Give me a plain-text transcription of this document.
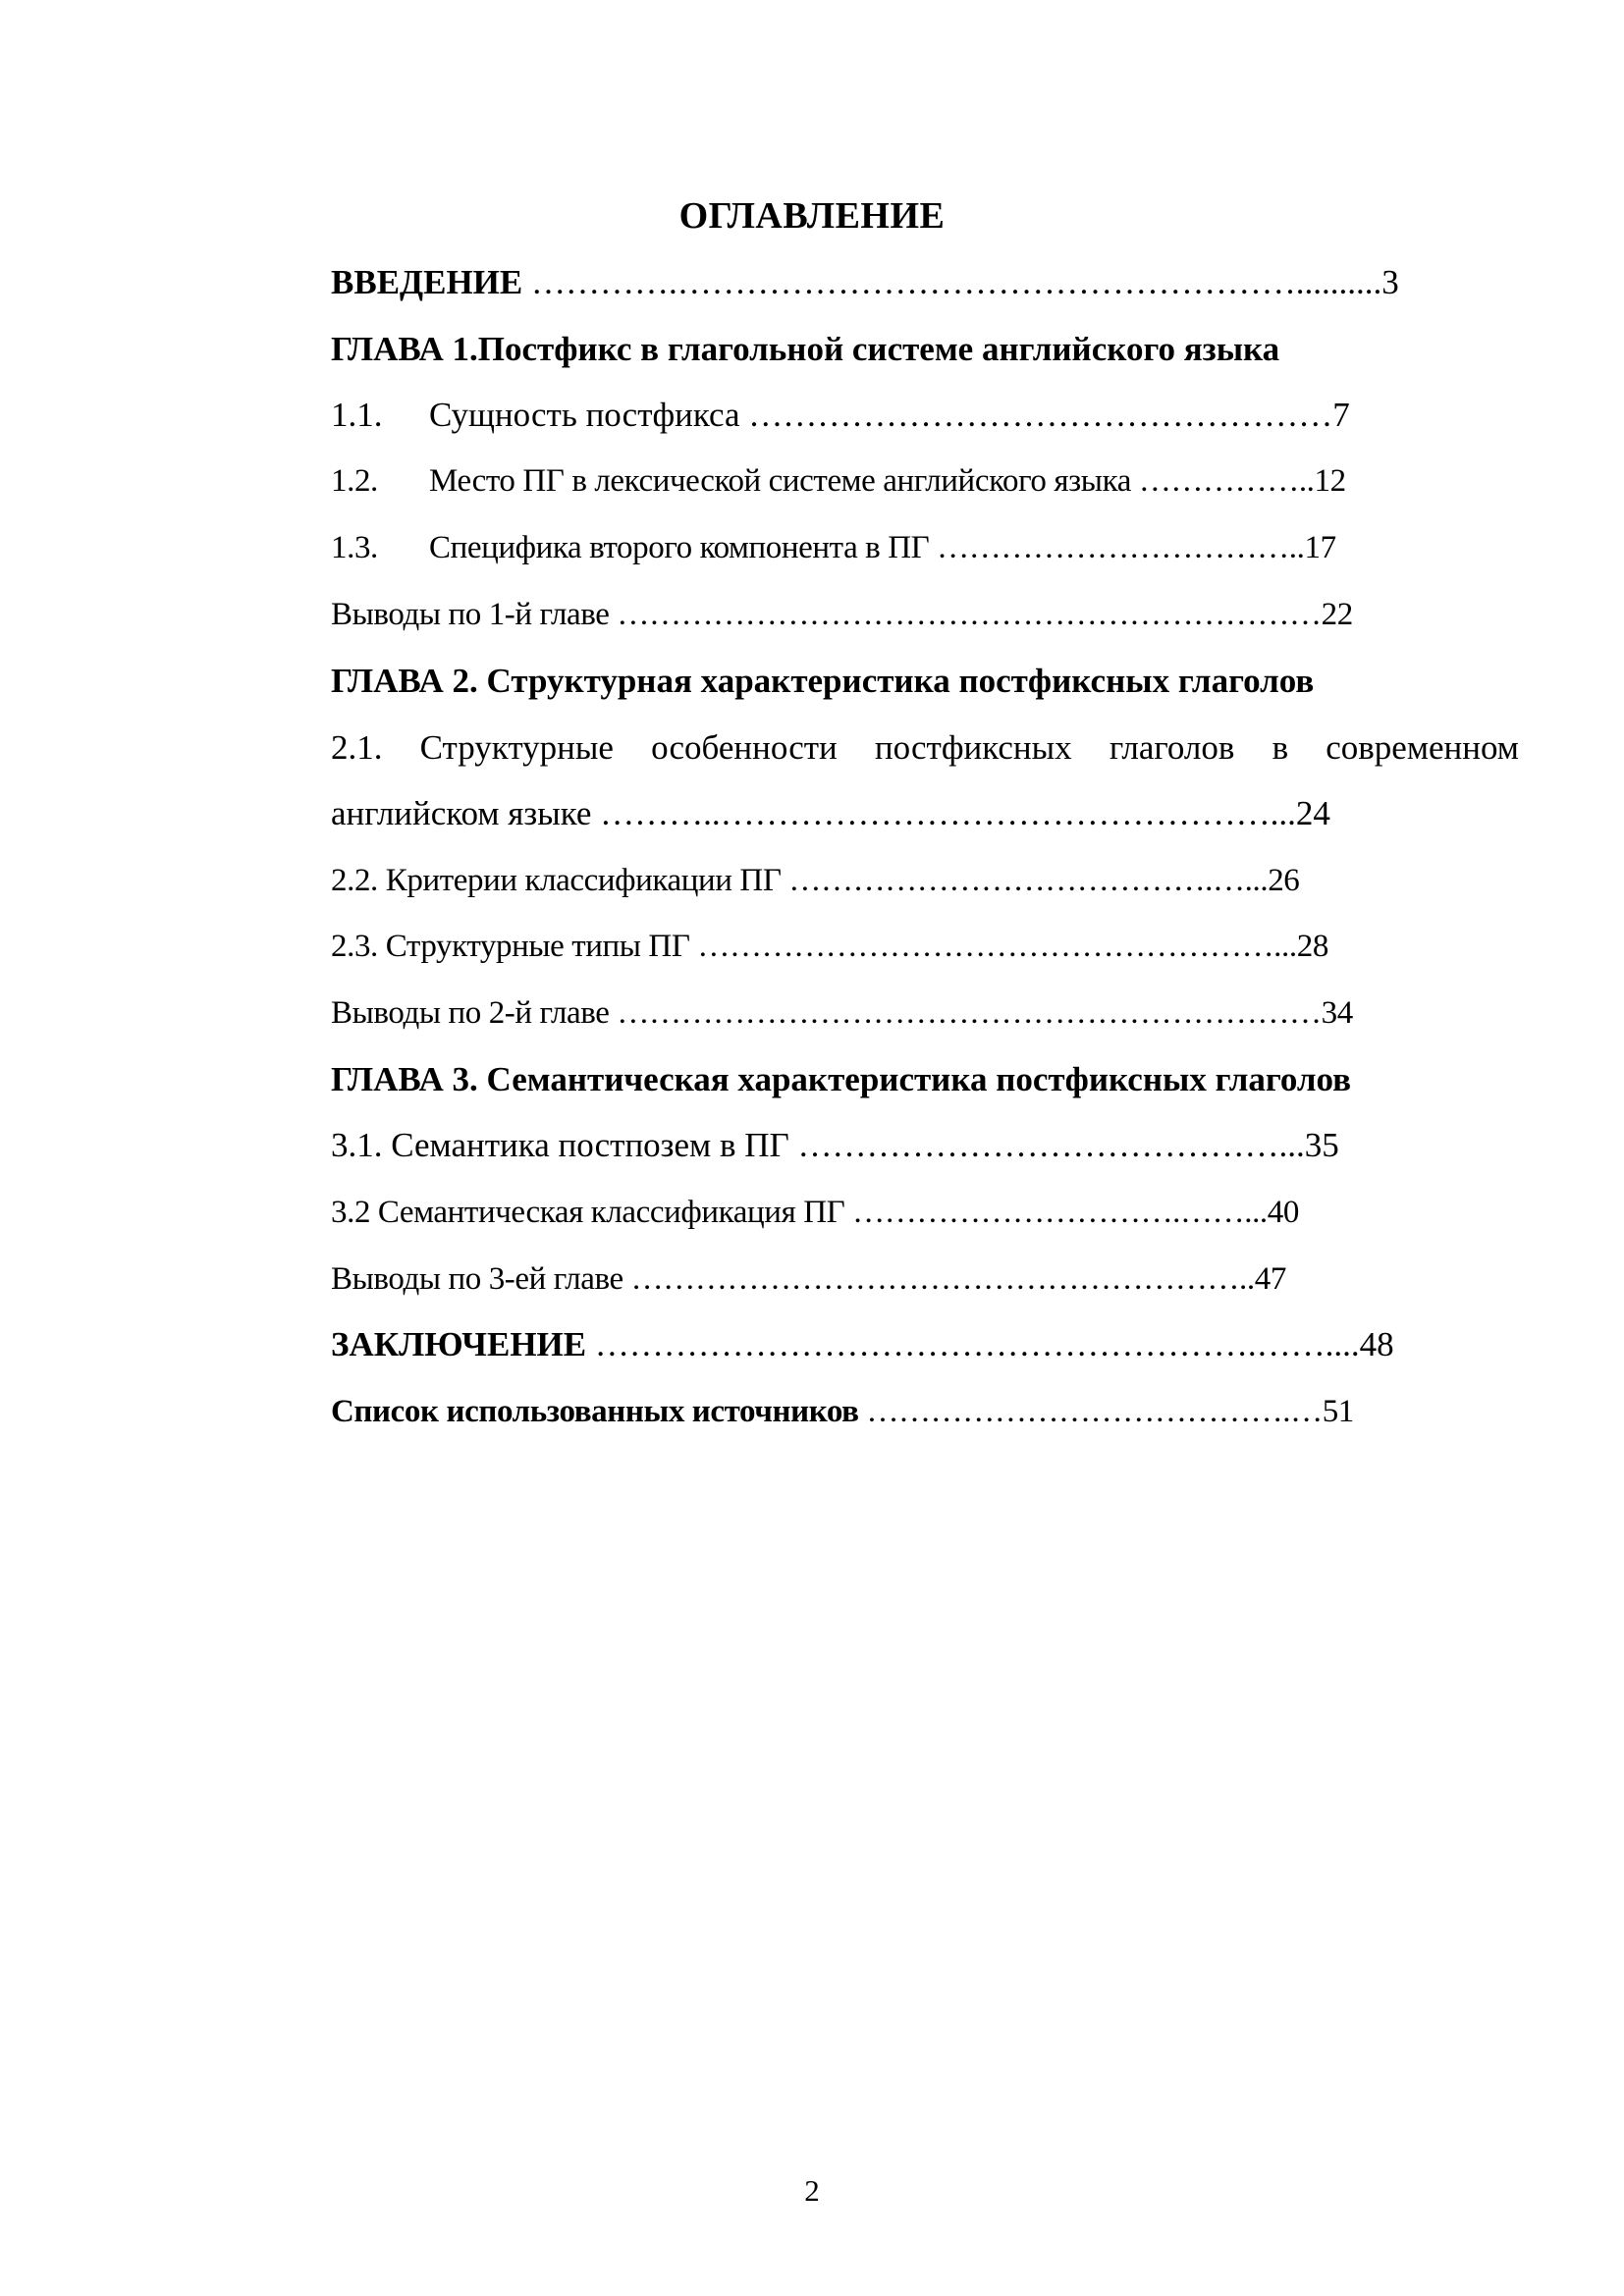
ОГЛАВЛЕНИЕ
ВВЕДЕНИЕ ………….………………………………………………..........3
ГЛАВА 1.Постфикс в глагольной системе английского языка
1.1. Сущность постфикса ……………………………………………7
1.2. Место ПГ в лексической системе английского языка ……………..12
1.3. Специфика второго компонента в ПГ ……………………………..17
Выводы по 1-й главе …………………………………………………………22
ГЛАВА 2. Структурная характеристика постфиксных глаголов
2.1. Структурные особенности постфиксных глаголов в современном
английском языке ………..…………………………………………...24
2.2. Критерии классификации ПГ ………………………………….…...26
2.3. Структурные типы ПГ ………………………………………………...28
Выводы по 2-й главе …………………………………………………………34
ГЛАВА 3. Семантическая характеристика постфиксных глаголов
3.1. Семантика постпозем в ПГ ……………………………………...35
3.2 Семантическая классификация ПГ ………………………….……...40
Выводы по 3-ей главе …………………………………………………..47
ЗАКЛЮЧЕНИЕ ………………………………………………….……....48
Список использованных источников ………………………………….…51
2
